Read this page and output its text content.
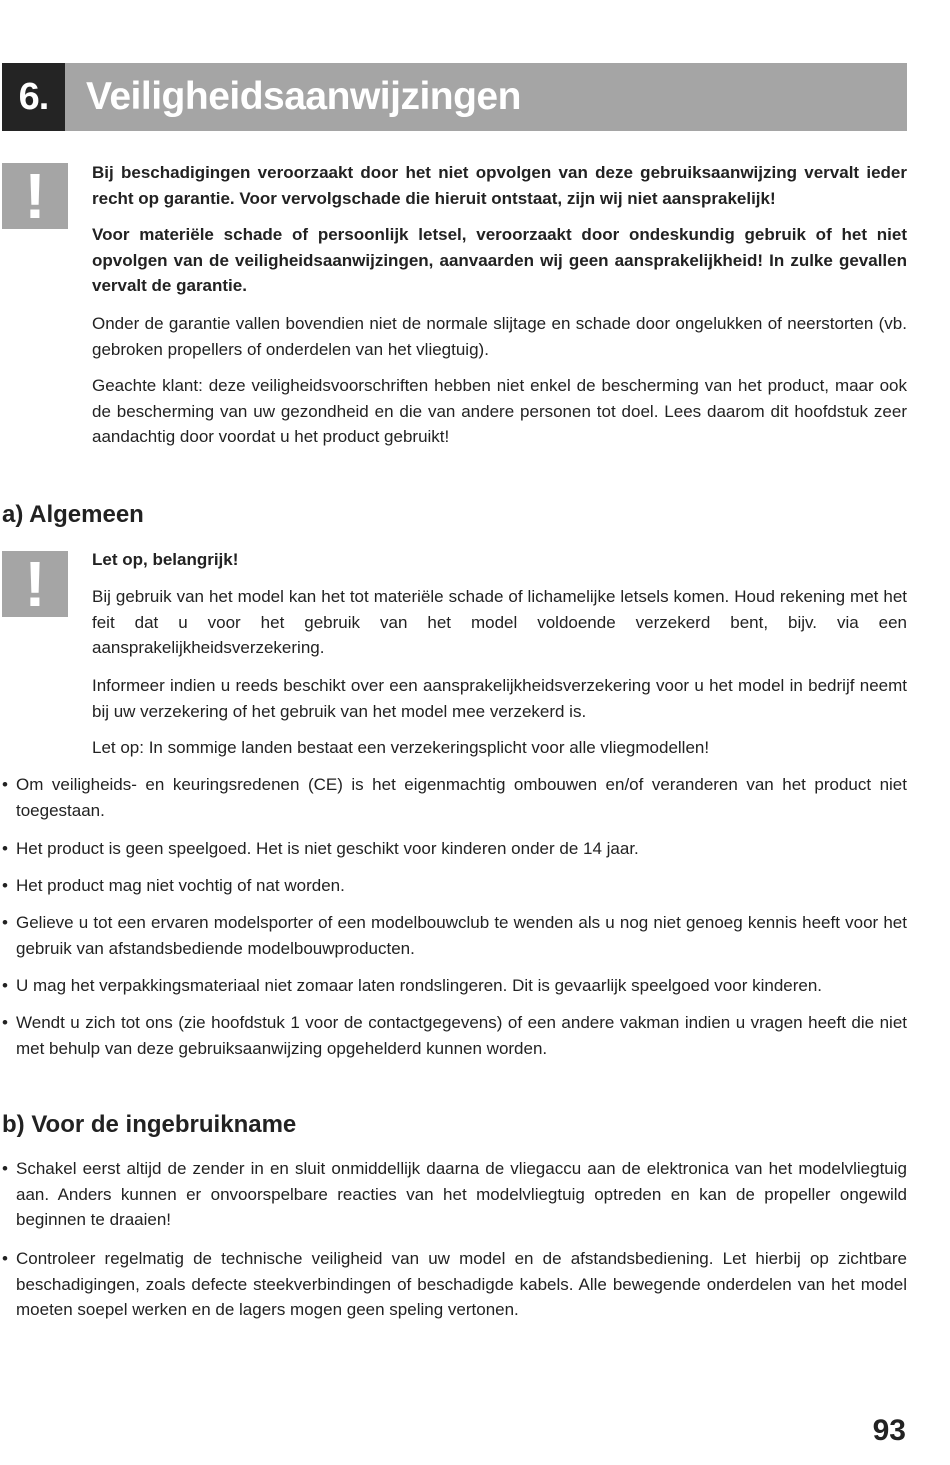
6. Veiligheidsaanwijzingen
!	Bij beschadigingen veroorzaakt door het niet opvolgen van deze gebruiksaanwijzing vervalt ieder recht op garantie. Voor vervolgschade die hieruit ontstaat, zijn wij niet aansprakelijk!

Voor materiële schade of persoonlijk letsel, veroorzaakt door ondeskundig gebruik of het niet opvolgen van de veiligheidsaanwijzingen, aanvaarden wij geen aansprakelijkheid! In zulke gevallen vervalt de garantie.

Onder de garantie vallen bovendien niet de normale slijtage en schade door ongelukken of neerstorten (vb. gebroken propellers of onderdelen van het vliegtuig).

Geachte klant: deze veiligheidsvoorschriften hebben niet enkel de bescherming van het product, maar ook de bescherming van uw gezondheid en die van andere personen tot doel. Lees daarom dit hoofdstuk zeer aandachtig door voordat u het product gebruikt!

a) Algemeen
!	Let op, belangrijk!

Bij gebruik van het model kan het tot materiële schade of lichamelijke letsels komen. Houd rekening met het feit dat u voor het gebruik van het model voldoende verzekerd bent, bijv. via een aansprakelijkheidsverzekering.

Informeer indien u reeds beschikt over een aansprakelijkheidsverzekering voor u het model in bedrijf neemt bij uw verzekering of het gebruik van het model mee verzekerd is.

Let op: In sommige landen bestaat een verzekeringsplicht voor alle vliegmodellen!

• Om veiligheids- en keuringsredenen (CE) is het eigenmachtig ombouwen en/of veranderen van het product niet toegestaan.
• Het product is geen speelgoed. Het is niet geschikt voor kinderen onder de 14 jaar.
• Het product mag niet vochtig of nat worden.
• Gelieve u tot een ervaren modelsporter of een modelbouwclub te wenden als u nog niet genoeg kennis heeft voor het gebruik van afstandsbediende modelbouwproducten.
• U mag het verpakkingsmateriaal niet zomaar laten rondslingeren. Dit is gevaarlijk speelgoed voor kinderen.
• Wendt u zich tot ons (zie hoofdstuk 1 voor de contactgegevens) of een andere vakman indien u vragen heeft die niet met behulp van deze gebruiksaanwijzing opgehelderd kunnen worden.
b) Voor de ingebruikname
• Schakel eerst altijd de zender in en sluit onmiddellijk daarna de vliegaccu aan de elektronica van het modelvliegtuig aan. Anders kunnen er onvoorspelbare reacties van het modelvliegtuig optreden en kan de propeller ongewild beginnen te draaien!
• Controleer regelmatig de technische veiligheid van uw model en de afstandsbediening. Let hierbij op zichtbare beschadigingen, zoals defecte steekverbindingen of beschadigde kabels. Alle bewegende onderdelen van het model moeten soepel werken en de lagers mogen geen speling vertonen.
93
